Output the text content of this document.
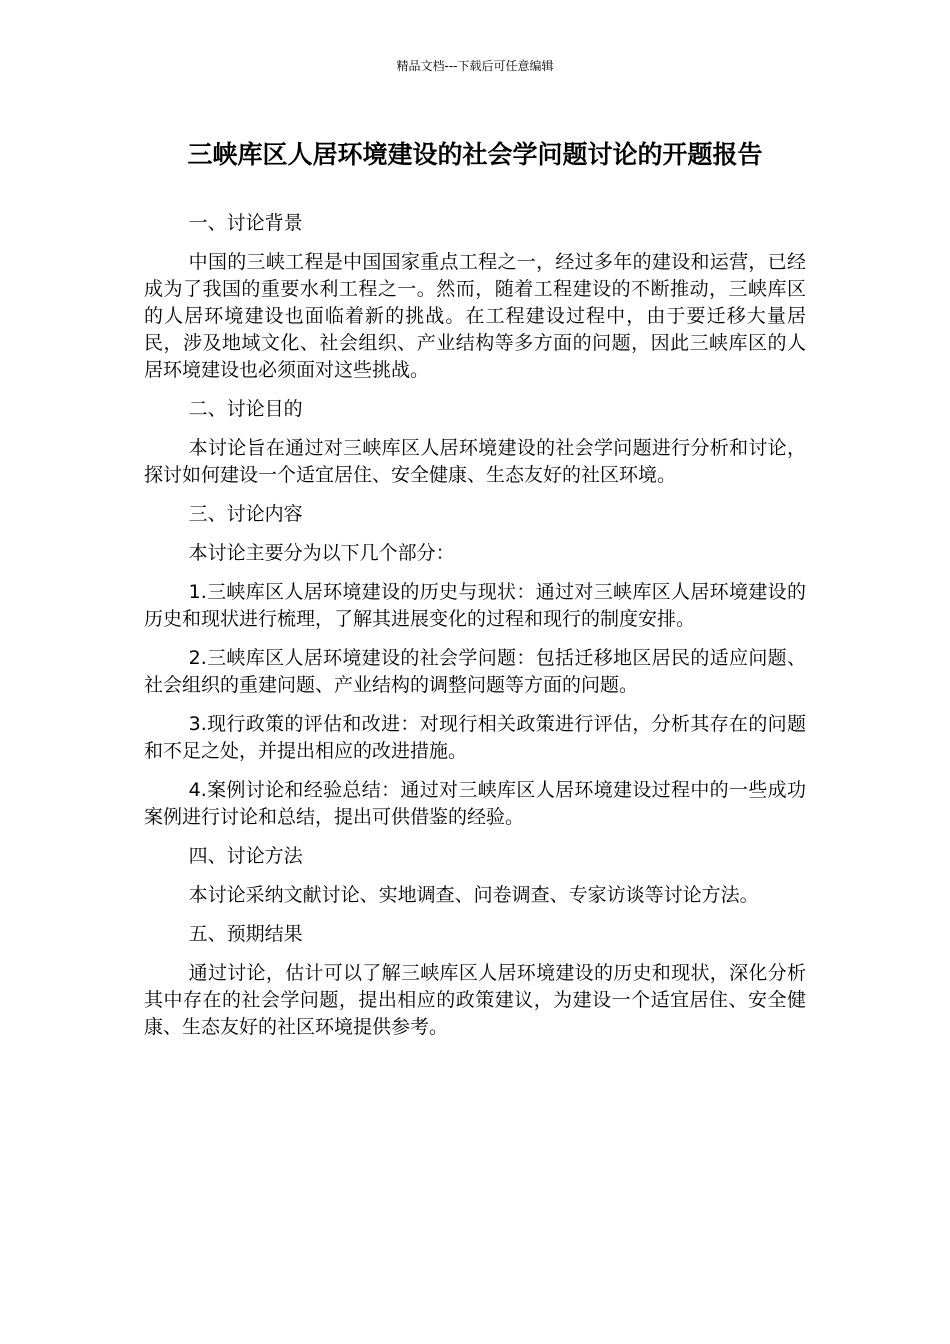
精品文档---下载后可任意编辑
三峡库区人居环境建设的社会学问题讨论的开题报告

一、讨论背景

中国的三峡工程是中国国家重点工程之一，经过多年的建设和运营，已经成为了我国的重要水利工程之一。然而，随着工程建设的不断推动，三峡库区的人居环境建设也面临着新的挑战。在工程建设过程中，由于要迁移大量居民，涉及地域文化、社会组织、产业结构等多方面的问题，因此三峡库区的人居环境建设也必须面对这些挑战。

二、讨论目的

本讨论旨在通过对三峡库区人居环境建设的社会学问题进行分析和讨论，探讨如何建设一个适宜居住、安全健康、生态友好的社区环境。

三、讨论内容

本讨论主要分为以下几个部分：

1.三峡库区人居环境建设的历史与现状：通过对三峡库区人居环境建设的历史和现状进行梳理，了解其进展变化的过程和现行的制度安排。

2.三峡库区人居环境建设的社会学问题：包括迁移地区居民的适应问题、社会组织的重建问题、产业结构的调整问题等方面的问题。

3.现行政策的评估和改进：对现行相关政策进行评估，分析其存在的问题和不足之处，并提出相应的改进措施。

4.案例讨论和经验总结：通过对三峡库区人居环境建设过程中的一些成功案例进行讨论和总结，提出可供借鉴的经验。

四、讨论方法

本讨论采纳文献讨论、实地调查、问卷调查、专家访谈等讨论方法。

五、预期结果

通过讨论，估计可以了解三峡库区人居环境建设的历史和现状，深化分析其中存在的社会学问题，提出相应的政策建议，为建设一个适宜居住、安全健康、生态友好的社区环境提供参考。
